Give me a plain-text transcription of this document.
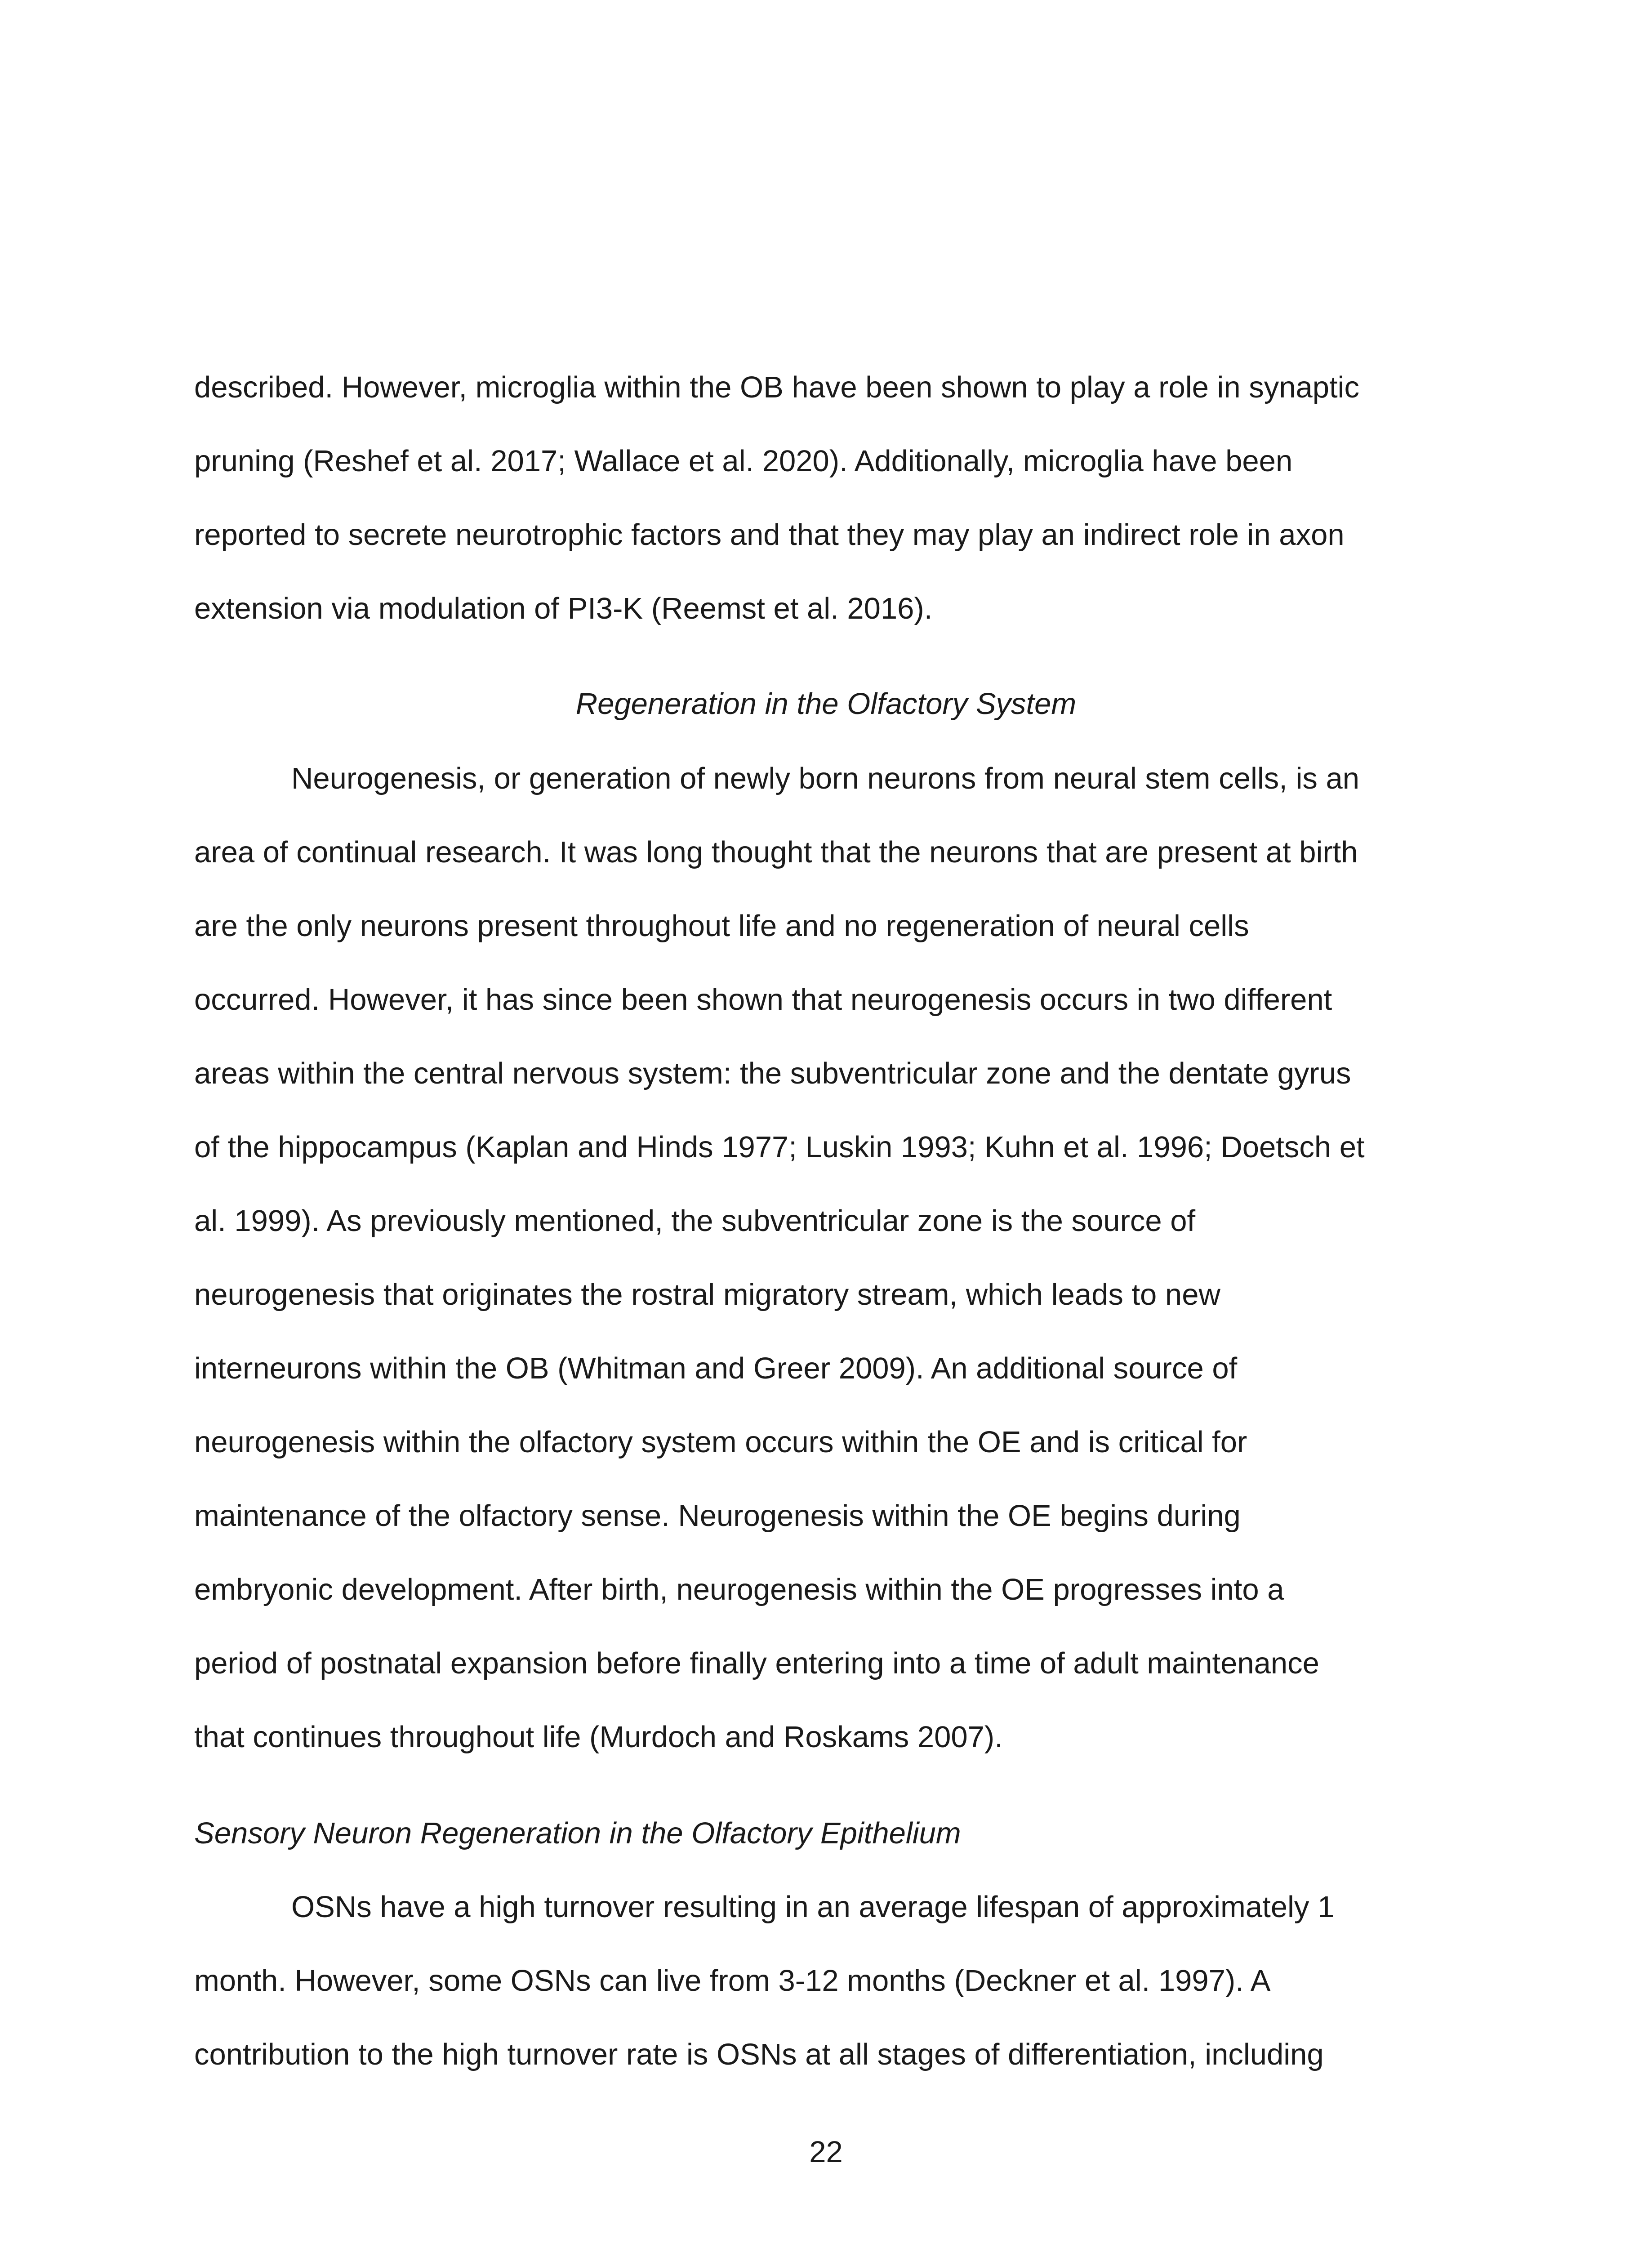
described. However, microglia within the OB have been shown to play a role in synaptic

pruning (Reshef et al. 2017; Wallace et al. 2020). Additionally, microglia have been

reported to secrete neurotrophic factors and that they may play an indirect role in axon

extension via modulation of PI3-K (Reemst et al. 2016).

Regeneration in the Olfactory System

Neurogenesis, or generation of newly born neurons from neural stem cells, is an

area of continual research. It was long thought that the neurons that are present at birth

are the only neurons present throughout life and no regeneration of neural cells

occurred. However, it has since been shown that neurogenesis occurs in two different

areas within the central nervous system: the subventricular zone and the dentate gyrus

of the hippocampus (Kaplan and Hinds 1977; Luskin 1993; Kuhn et al. 1996; Doetsch et

al. 1999). As previously mentioned, the subventricular zone is the source of

neurogenesis that originates the rostral migratory stream, which leads to new

interneurons within the OB (Whitman and Greer 2009). An additional source of

neurogenesis within the olfactory system occurs within the OE and is critical for

maintenance of the olfactory sense. Neurogenesis within the OE begins during

embryonic development. After birth, neurogenesis within the OE progresses into a

period of postnatal expansion before finally entering into a time of adult maintenance

that continues throughout life (Murdoch and Roskams 2007).

Sensory Neuron Regeneration in the Olfactory Epithelium

OSNs have a high turnover resulting in an average lifespan of approximately 1

month. However, some OSNs can live from 3-12 months (Deckner et al. 1997). A

contribution to the high turnover rate is OSNs at all stages of differentiation, including

22
